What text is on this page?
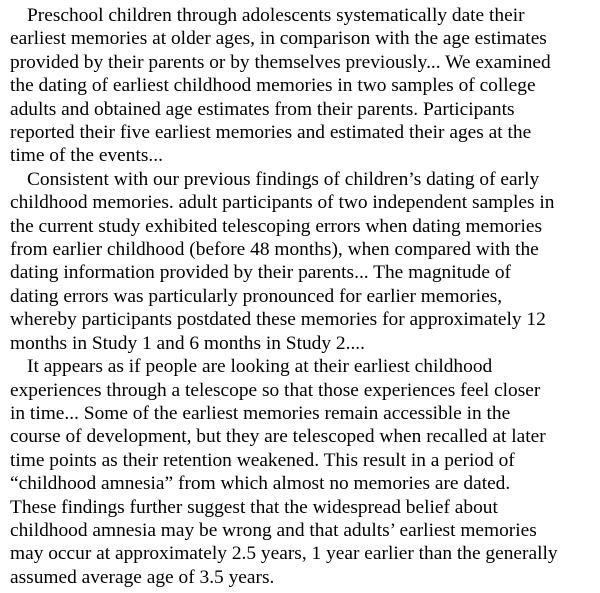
Preschool children through adolescents systematically date their
earliest memories at older ages, in comparison with the age estimates
provided by their parents or by themselves previously... We examined
the dating of earliest childhood memories in two samples of college
adults and obtained age estimates from their parents. Participants
reported their five earliest memories and estimated their ages at the
time of the events...

Consistent with our previous findings of children’s dating of early
childhood memories. adult participants of two independent samples in
the current study exhibited telescoping errors when dating memories
from earlier childhood (before 48 months), when compared with the
dating information provided by their parents... The magnitude of
dating errors was particularly pronounced for earlier memories,
whereby participants postdated these memories for approximately 12
months in Study 1 and 6 months in Study 2....

It appears as if people are looking at their earliest childhood
experiences through a telescope so that those experiences feel closer
in time... Some of the earliest memories remain accessible in the
course of development, but they are telescoped when recalled at later
time points as their retention weakened. This result in a period of
“childhood amnesia” from which almost no memories are dated.
These findings further suggest that the widespread belief about
childhood amnesia may be wrong and that adults’ earliest memories
may occur at approximately 2.5 years, 1 year earlier than the generally
assumed average age of 3.5 years.
